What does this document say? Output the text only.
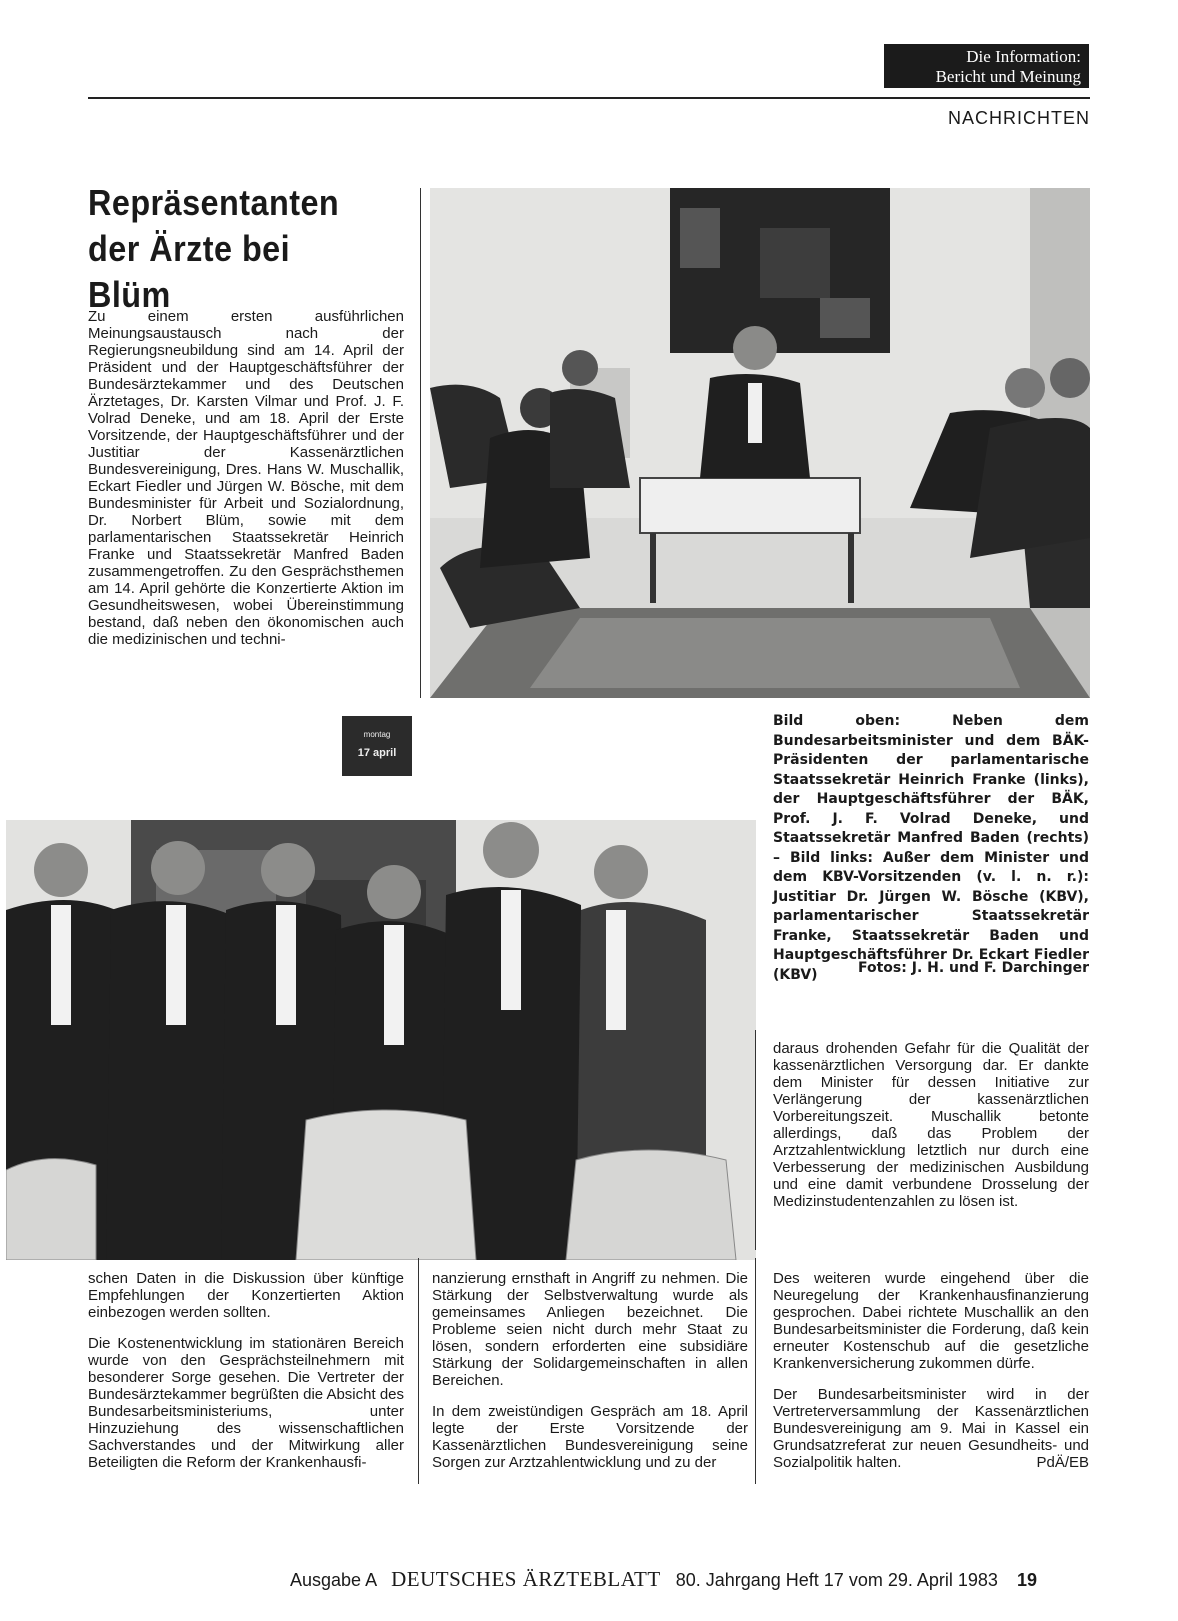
Die Information:
Bericht und Meinung
NACHRICHTEN
Repräsentanten
der Ärzte bei Blüm

Zu einem ersten ausführlichen Meinungsaustausch nach der Regierungsneubildung sind am 14. April der Präsident und der Hauptgeschäftsführer der Bundesärztekammer und des Deutschen Ärztetages, Dr. Karsten Vilmar und Prof. J. F. Volrad Deneke, und am 18. April der Erste Vorsitzende, der Hauptgeschäftsführer und der Justitiar der Kassenärztlichen Bundesvereinigung, Dres. Hans W. Muschallik, Eckart Fiedler und Jürgen W. Bösche, mit dem Bundesminister für Arbeit und Sozialordnung, Dr. Norbert Blüm, sowie mit dem parlamentarischen Staatssekretär Heinrich Franke und Staatssekretär Manfred Baden zusammengetroffen. Zu den Gesprächsthemen am 14. April gehörte die Konzertierte Aktion im Gesundheitswesen, wobei Übereinstimmung bestand, daß neben den ökonomischen auch die medizinischen und techni-

montag
17 april
Bild oben: Neben dem Bundesarbeitsminister und dem BÄK-Präsidenten der parlamentarische Staatssekretär Heinrich Franke (links), der Hauptgeschäftsführer der BÄK, Prof. J. F. Volrad Deneke, und Staatssekretär Manfred Baden (rechts) – Bild links: Außer dem Minister und dem KBV-Vorsitzenden (v. l. n. r.): Justitiar Dr. Jürgen W. Bösche (KBV), parlamentarischer Staatssekretär Franke, Staatssekretär Baden und Hauptgeschäftsführer Dr. Eckart Fiedler (KBV)	Fotos: J. H. und F. Darchinger

daraus drohenden Gefahr für die Qualität der kassenärztlichen Versorgung dar. Er dankte dem Minister für dessen Initiative zur Verlängerung der kassenärztlichen Vorbereitungszeit. Muschallik betonte allerdings, daß das Problem der Arztzahlentwicklung letztlich nur durch eine Verbesserung der medizinischen Ausbildung und eine damit verbundene Drosselung der Medizinstudentenzahlen zu lösen ist.

schen Daten in die Diskussion über künftige Empfehlungen der Konzertierten Aktion einbezogen werden sollten.

Die Kostenentwicklung im stationären Bereich wurde von den Gesprächsteilnehmern mit besonderer Sorge gesehen. Die Vertreter der Bundesärztekammer begrüßten die Absicht des Bundesarbeitsministeriums, unter Hinzuziehung des wissenschaftlichen Sachverstandes und der Mitwirkung aller Beteiligten die Reform der Krankenhausfi-

nanzierung ernsthaft in Angriff zu nehmen. Die Stärkung der Selbstverwaltung wurde als gemeinsames Anliegen bezeichnet. Die Probleme seien nicht durch mehr Staat zu lösen, sondern erforderten eine subsidiäre Stärkung der Solidargemeinschaften in allen Bereichen.

In dem zweistündigen Gespräch am 18. April legte der Erste Vorsitzende der Kassenärztlichen Bundesvereinigung seine Sorgen zur Arztzahlentwicklung und zu der

Des weiteren wurde eingehend über die Neuregelung der Krankenhausfinanzierung gesprochen. Dabei richtete Muschallik an den Bundesarbeitsminister die Forderung, daß kein erneuter Kostenschub auf die gesetzliche Krankenversicherung zukommen dürfe.

Der Bundesarbeitsminister wird in der Vertreterversammlung der Kassenärztlichen Bundesvereinigung am 9. Mai in Kassel ein Grundsatzreferat zur neuen Gesundheits- und Sozialpolitik halten.	PdÄ/EB

Ausgabe A DEUTSCHES ÄRZTEBLATT 80. Jahrgang Heft 17 vom 29. April 1983 19
